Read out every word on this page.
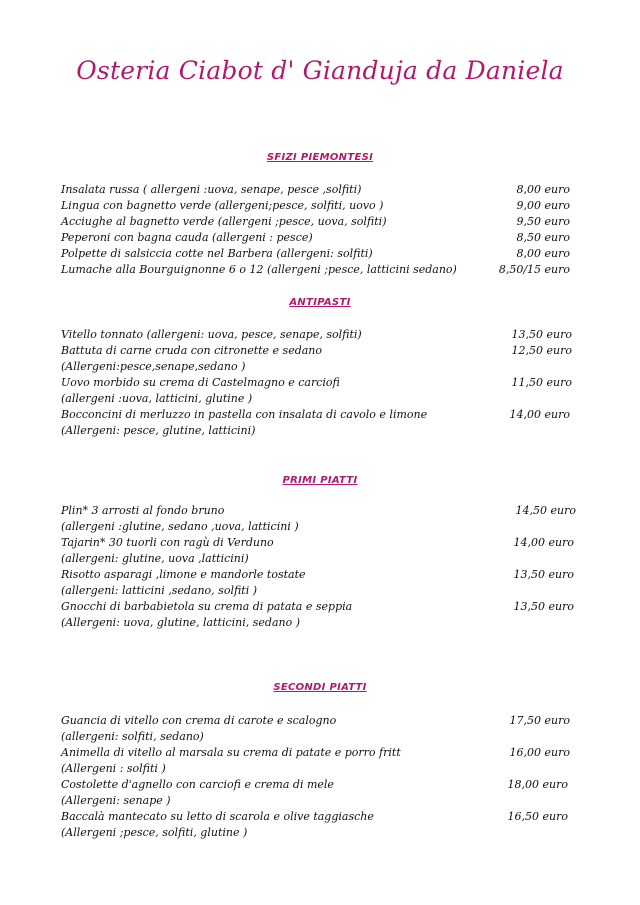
Osteria Ciabot d' Gianduja da Daniela
SFIZI PIEMONTESI
Insalata russa ( allergeni :uova, senape, pesce ,solfiti)	8,00 euro
Lingua con bagnetto verde (allergeni;pesce, solfiti, uovo )	9,00 euro
Acciughe al bagnetto verde (allergeni ;pesce, uova, solfiti)	9,50 euro
Peperoni con bagna cauda (allergeni : pesce)	8,50 euro
Polpette di salsiccia cotte nel Barbera (allergeni: solfiti)	8,00 euro
Lumache alla Bourguignonne 6 o 12 (allergeni ;pesce, latticini sedano)	8,50/15 euro
ANTIPASTI
Vitello tonnato (allergeni: uova, pesce, senape, solfiti)	13,50 euro
Battuta di carne cruda con citronette e sedano	12,50 euro
(Allergeni:pesce,senape,sedano )
Uovo morbido su crema di Castelmagno e carciofi	11,50 euro
(allergeni :uova, latticini, glutine )
Bocconcini di merluzzo in pastella con insalata di cavolo e limone	14,00 euro
(Allergeni: pesce, glutine, latticini)
PRIMI PIATTI
Plin* 3 arrosti al fondo bruno	14,50 euro
(allergeni :glutine, sedano ,uova, latticini )
Tajarin* 30 tuorli con ragù di Verduno	14,00 euro
(allergeni: glutine, uova ,latticini)
Risotto asparagi ,limone e mandorle tostate	13,50 euro
(allergeni: latticini ,sedano, solfiti )
Gnocchi di barbabietola su crema di patata e seppia	13,50 euro
(Allergeni: uova, glutine, latticini, sedano )
SECONDI PIATTI
Guancia di vitello con crema di carote e scalogno	17,50 euro
(allergeni: solfiti, sedano)
Animella di vitello al marsala su crema di patate e porro fritt	16,00 euro
(Allergeni : solfiti )
Costolette d'agnello con carciofi e crema di mele	18,00 euro
(Allergeni: senape )
Baccalà mantecato su letto di scarola e olive taggiasche	16,50 euro
(Allergeni ;pesce, solfiti, glutine )
